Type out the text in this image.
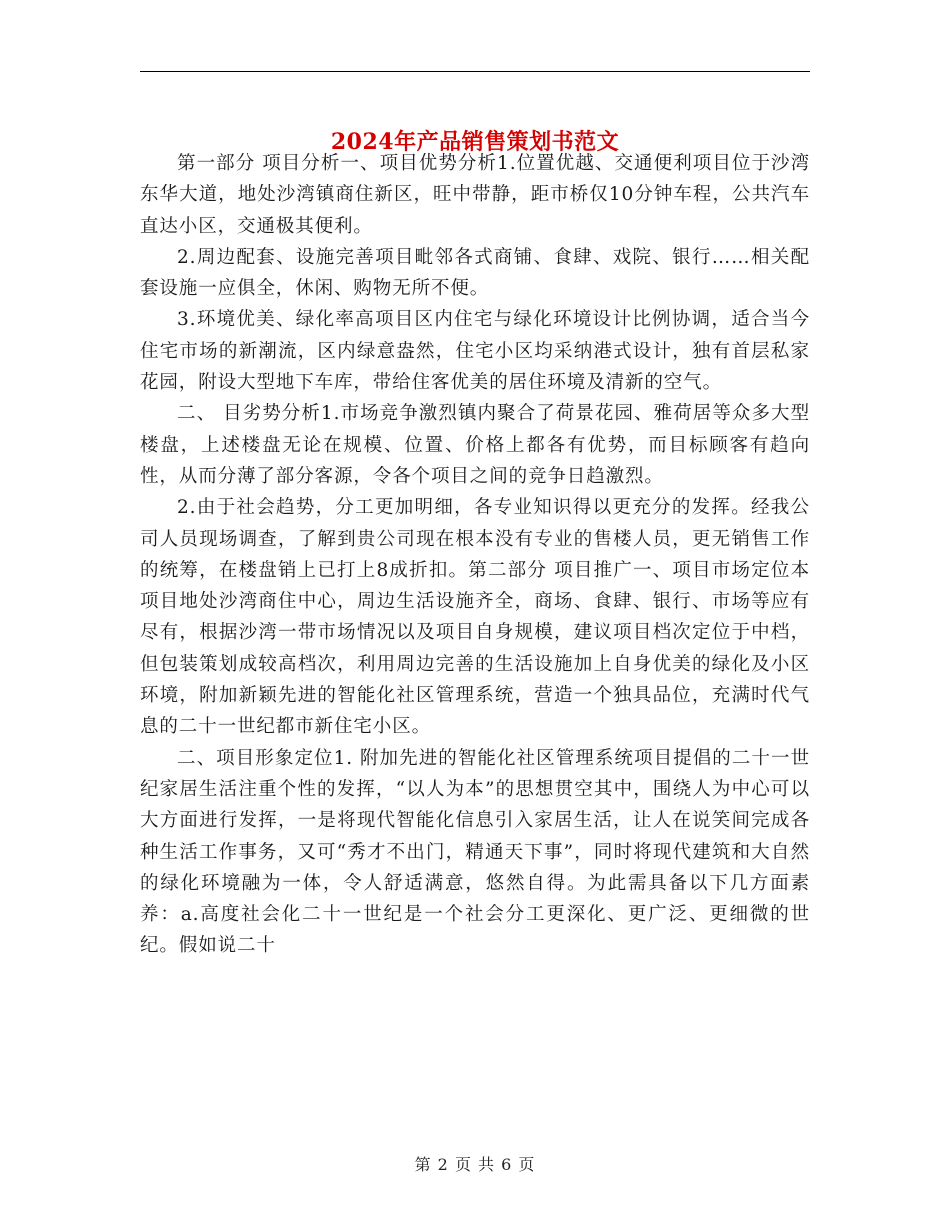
2024年产品销售策划书范文

第一部分 项目分析一、项目优势分析1.位置优越、交通便利项目位于沙湾东华大道，地处沙湾镇商住新区，旺中带静，距市桥仅10分钟车程，公共汽车直达小区，交通极其便利。

2.周边配套、设施完善项目毗邻各式商铺、食肆、戏院、银行……相关配套设施一应俱全，休闲、购物无所不便。

3.环境优美、绿化率高项目区内住宅与绿化环境设计比例协调，适合当今住宅市场的新潮流，区内绿意盎然，住宅小区均采纳港式设计，独有首层私家花园，附设大型地下车库，带给住客优美的居住环境及清新的空气。

二、 目劣势分析1.市场竞争激烈镇内聚合了荷景花园、雅荷居等众多大型楼盘，上述楼盘无论在规模、位置、价格上都各有优势，而目标顾客有趋向性，从而分薄了部分客源，令各个项目之间的竞争日趋激烈。

2.由于社会趋势，分工更加明细，各专业知识得以更充分的发挥。经我公司人员现场调查，了解到贵公司现在根本没有专业的售楼人员，更无销售工作的统筹，在楼盘销上已打上8成折扣。第二部分 项目推广一、项目市场定位本项目地处沙湾商住中心，周边生活设施齐全，商场、食肆、银行、市场等应有尽有，根据沙湾一带市场情况以及项目自身规模，建议项目档次定位于中档，但包装策划成较高档次，利用周边完善的生活设施加上自身优美的绿化及小区环境，附加新颖先进的智能化社区管理系统，营造一个独具品位，充满时代气息的二十一世纪都市新住宅小区。

二、项目形象定位1. 附加先进的智能化社区管理系统项目提倡的二十一世纪家居生活注重个性的发挥，“以人为本”的思想贯空其中，围绕人为中心可以大方面进行发挥，一是将现代智能化信息引入家居生活，让人在说笑间完成各种生活工作事务，又可“秀才不出门，精通天下事”，同时将现代建筑和大自然的绿化环境融为一体，令人舒适满意，悠然自得。为此需具备以下几方面素养：a.高度社会化二十一世纪是一个社会分工更深化、更广泛、更细微的世纪。假如说二十

第 2 页 共 6 页
